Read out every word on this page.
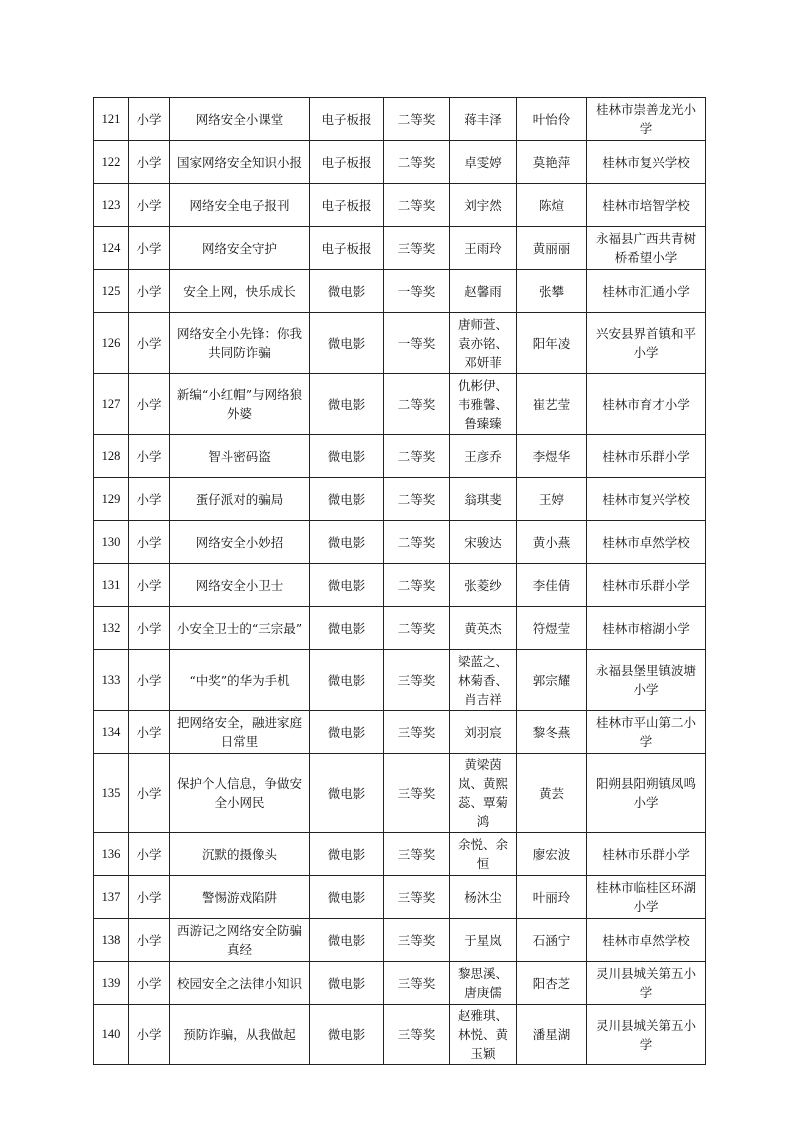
121	小学	网络安全小课堂	电子板报	二等奖	蒋丰泽	叶怡伶	桂林市崇善龙光小学
122	小学	国家网络安全知识小报	电子板报	二等奖	卓雯婷	莫艳萍	桂林市复兴学校
123	小学	网络安全电子报刊	电子板报	二等奖	刘宇然	陈煊	桂林市培智学校
124	小学	网络安全守护	电子板报	三等奖	王雨玲	黄丽丽	永福县广西共青树桥希望小学
125	小学	安全上网，快乐成长	微电影	一等奖	赵馨雨	张攀	桂林市汇通小学
126	小学	网络安全小先锋：你我共同防诈骗	微电影	一等奖	唐师萱、袁亦铭、邓妍菲	阳年凌	兴安县界首镇和平小学
127	小学	新编“小红帽”与网络狼外婆	微电影	二等奖	仇彬伊、韦雅馨、鲁臻臻	崔艺莹	桂林市育才小学
128	小学	智斗密码盗	微电影	二等奖	王彦乔	李煜华	桂林市乐群小学
129	小学	蛋仔派对的骗局	微电影	二等奖	翁琪斐	王婷	桂林市复兴学校
130	小学	网络安全小妙招	微电影	二等奖	宋骏达	黄小燕	桂林市卓然学校
131	小学	网络安全小卫士	微电影	二等奖	张菱纱	李佳倩	桂林市乐群小学
132	小学	小安全卫士的“三宗最”	微电影	二等奖	黄英杰	符煜莹	桂林市榕湖小学
133	小学	“中奖”的华为手机	微电影	三等奖	梁蓝之、林菊香、肖吉祥	郭宗耀	永福县堡里镇波塘小学
134	小学	把网络安全，融进家庭日常里	微电影	三等奖	刘羽宸	黎冬燕	桂林市平山第二小学
135	小学	保护个人信息，争做安全小网民	微电影	三等奖	黄梁茵岚、黄熙蕊、覃菊鸿	黄芸	阳朔县阳朔镇凤鸣小学
136	小学	沉默的摄像头	微电影	三等奖	余悦、余恒	廖宏波	桂林市乐群小学
137	小学	警惕游戏陷阱	微电影	三等奖	杨沐尘	叶丽玲	桂林市临桂区环湖小学
138	小学	西游记之网络安全防骗真经	微电影	三等奖	于星岚	石涵宁	桂林市卓然学校
139	小学	校园安全之法律小知识	微电影	三等奖	黎思溪、唐庚儒	阳杏芝	灵川县城关第五小学
140	小学	预防诈骗，从我做起	微电影	三等奖	赵雅琪、林悦、黄玉颖	潘星湖	灵川县城关第五小学
